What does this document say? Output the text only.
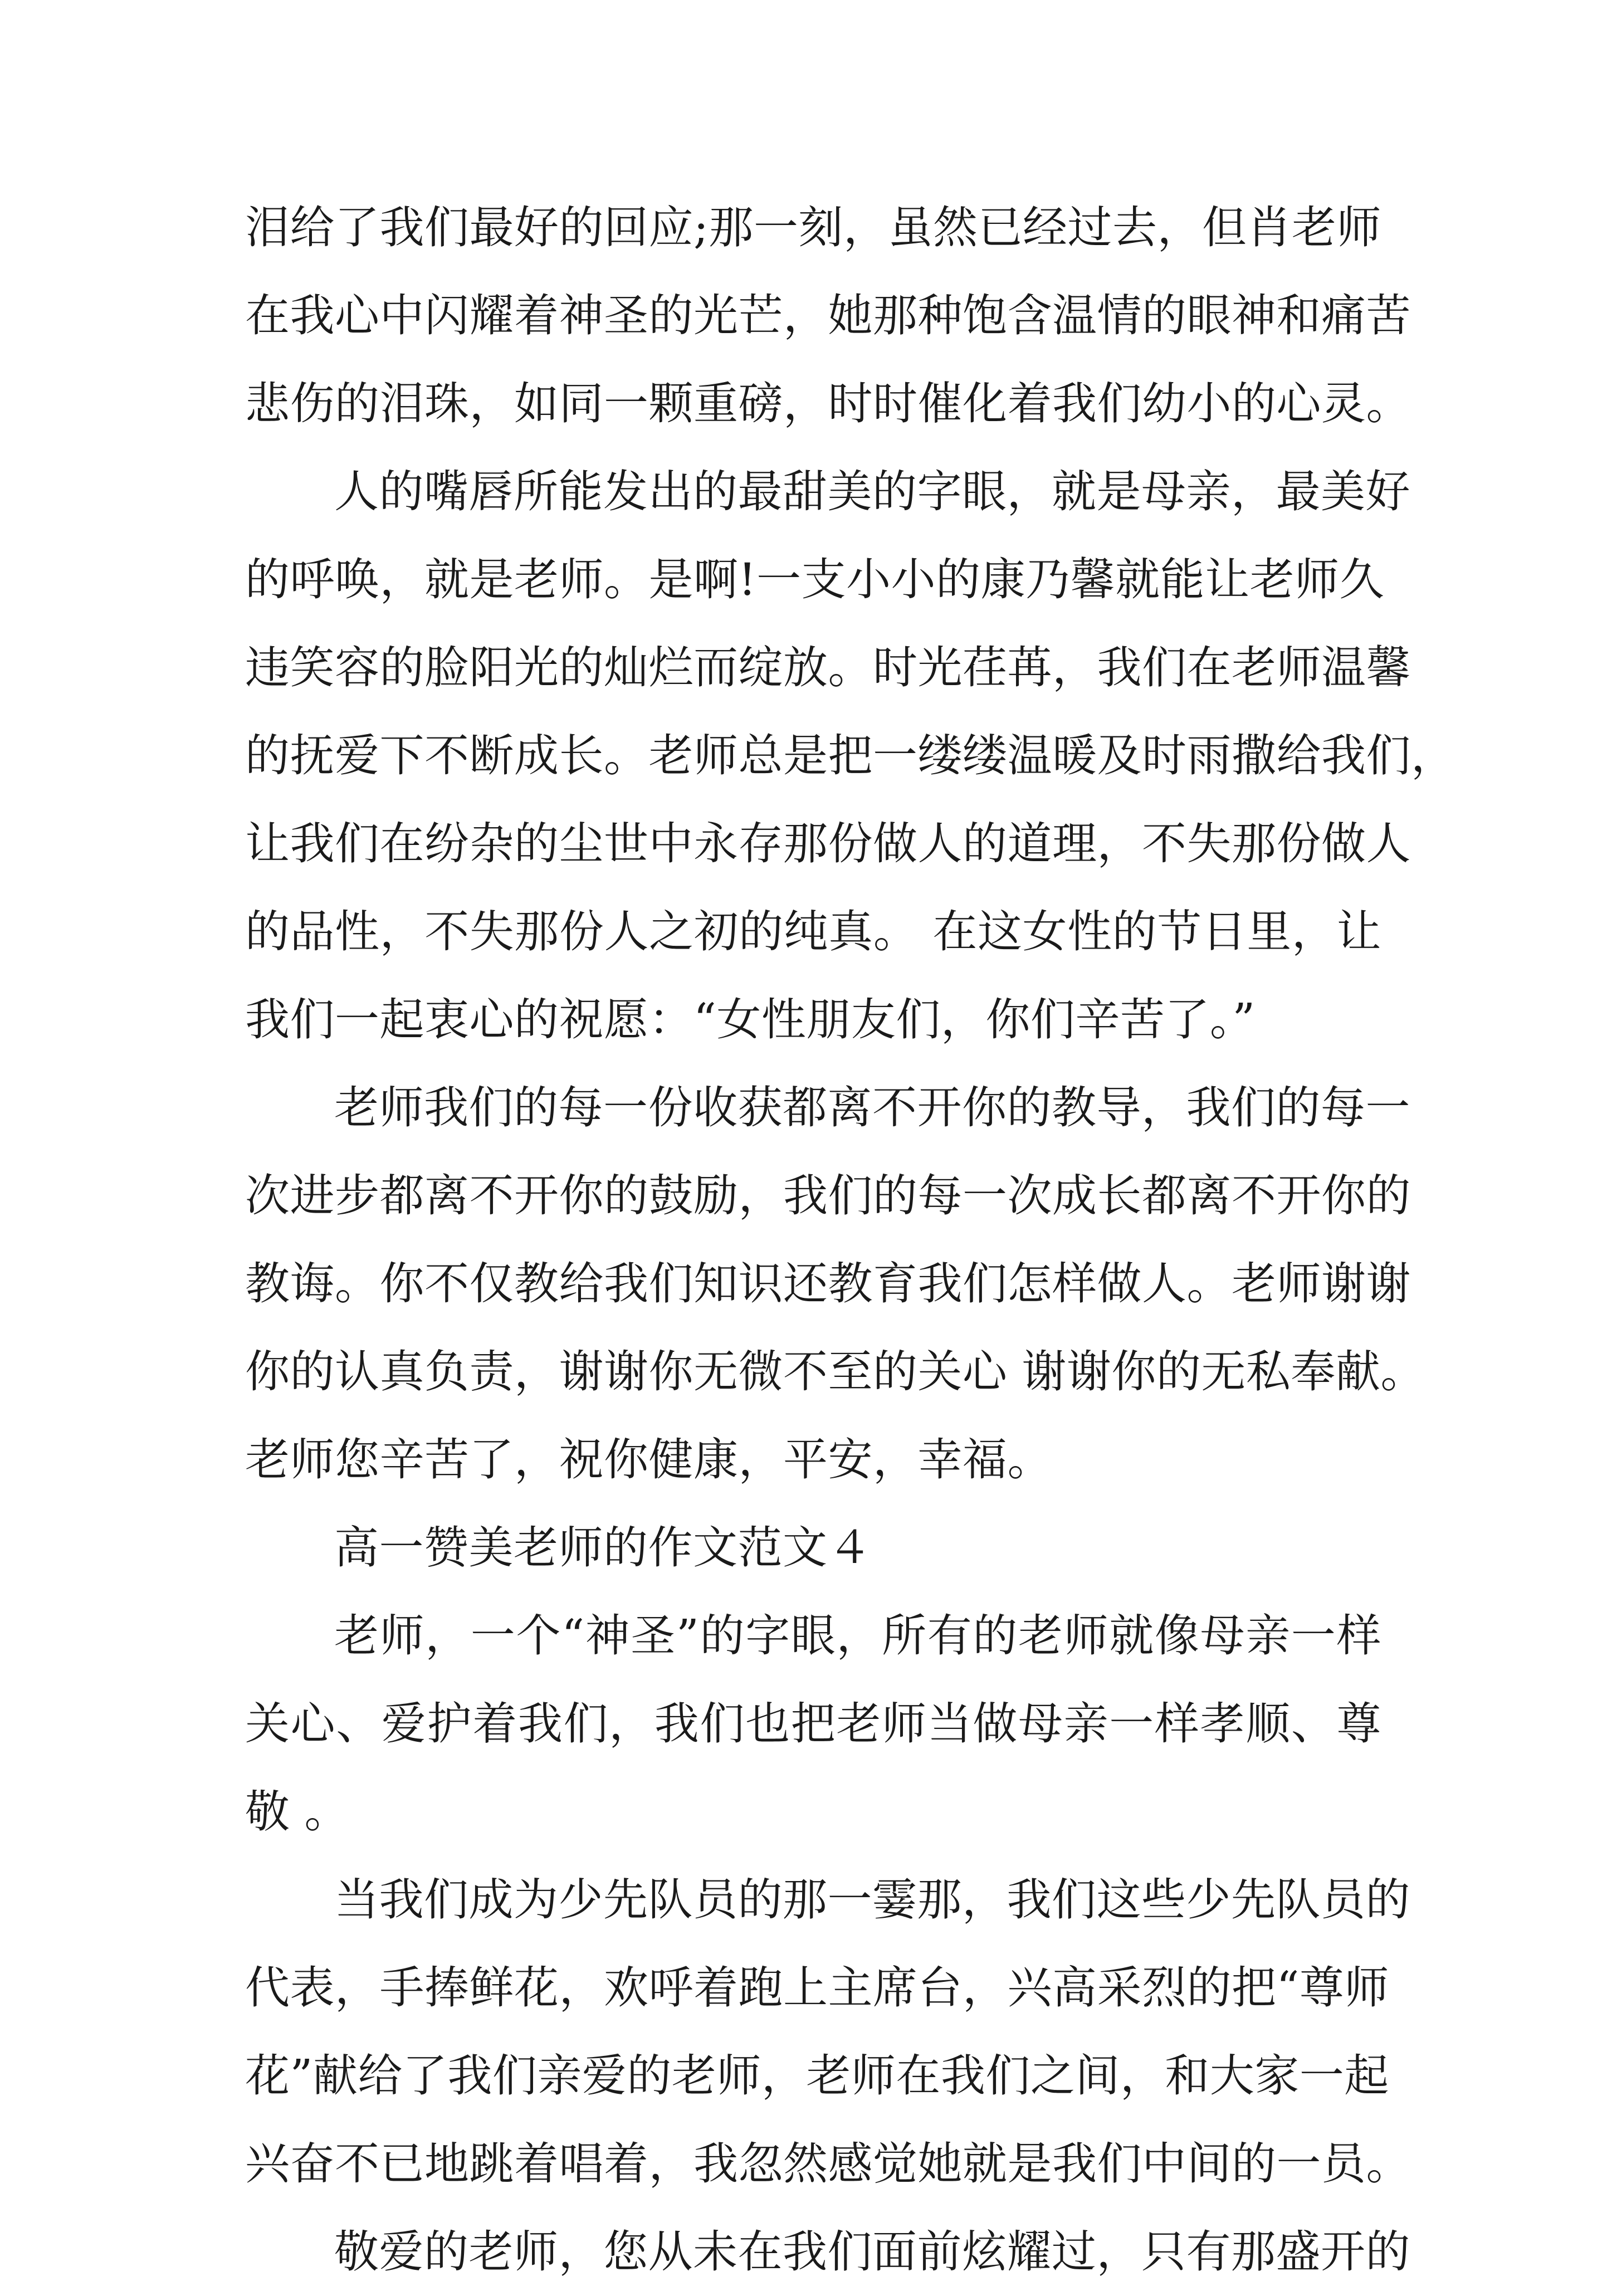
泪给了我们最好的回应;那一刻，虽然已经过去，但肖老师
在我心中闪耀着神圣的光芒，她那种饱含温情的眼神和痛苦
悲伤的泪珠，如同一颗重磅，时时催化着我们幼小的心灵。
人的嘴唇所能发出的最甜美的字眼，就是母亲，最美好
的呼唤，就是老师。是啊!一支小小的康乃馨就能让老师久
违笑容的脸阳光的灿烂而绽放。时光荏苒，我们在老师温馨
的抚爱下不断成长。老师总是把一缕缕温暖及时雨撒给我们，
让我们在纷杂的尘世中永存那份做人的道理，不失那份做人
的品性，不失那份人之初的纯真。 在这女性的节日里，让
我们一起衷心的祝愿：“女性朋友们，你们辛苦了。”
老师我们的每一份收获都离不开你的教导，我们的每一
次进步都离不开你的鼓励，我们的每一次成长都离不开你的
教诲。你不仅教给我们知识还教育我们怎样做人。老师谢谢
你的认真负责，谢谢你无微不至的关心 谢谢你的无私奉献。
老师您辛苦了，祝你健康，平安，幸福。
高一赞美老师的作文范文４
老师，一个“神圣”的字眼，所有的老师就像母亲一样
关心、爱护着我们，我们也把老师当做母亲一样孝顺、尊
敬 。
当我们成为少先队员的那一霎那，我们这些少先队员的
代表，手捧鲜花，欢呼着跑上主席台，兴高采烈的把“尊师
花”献给了我们亲爱的老师，老师在我们之间，和大家一起
兴奋不已地跳着唱着，我忽然感觉她就是我们中间的一员。
敬爱的老师，您从未在我们面前炫耀过，只有那盛开的
